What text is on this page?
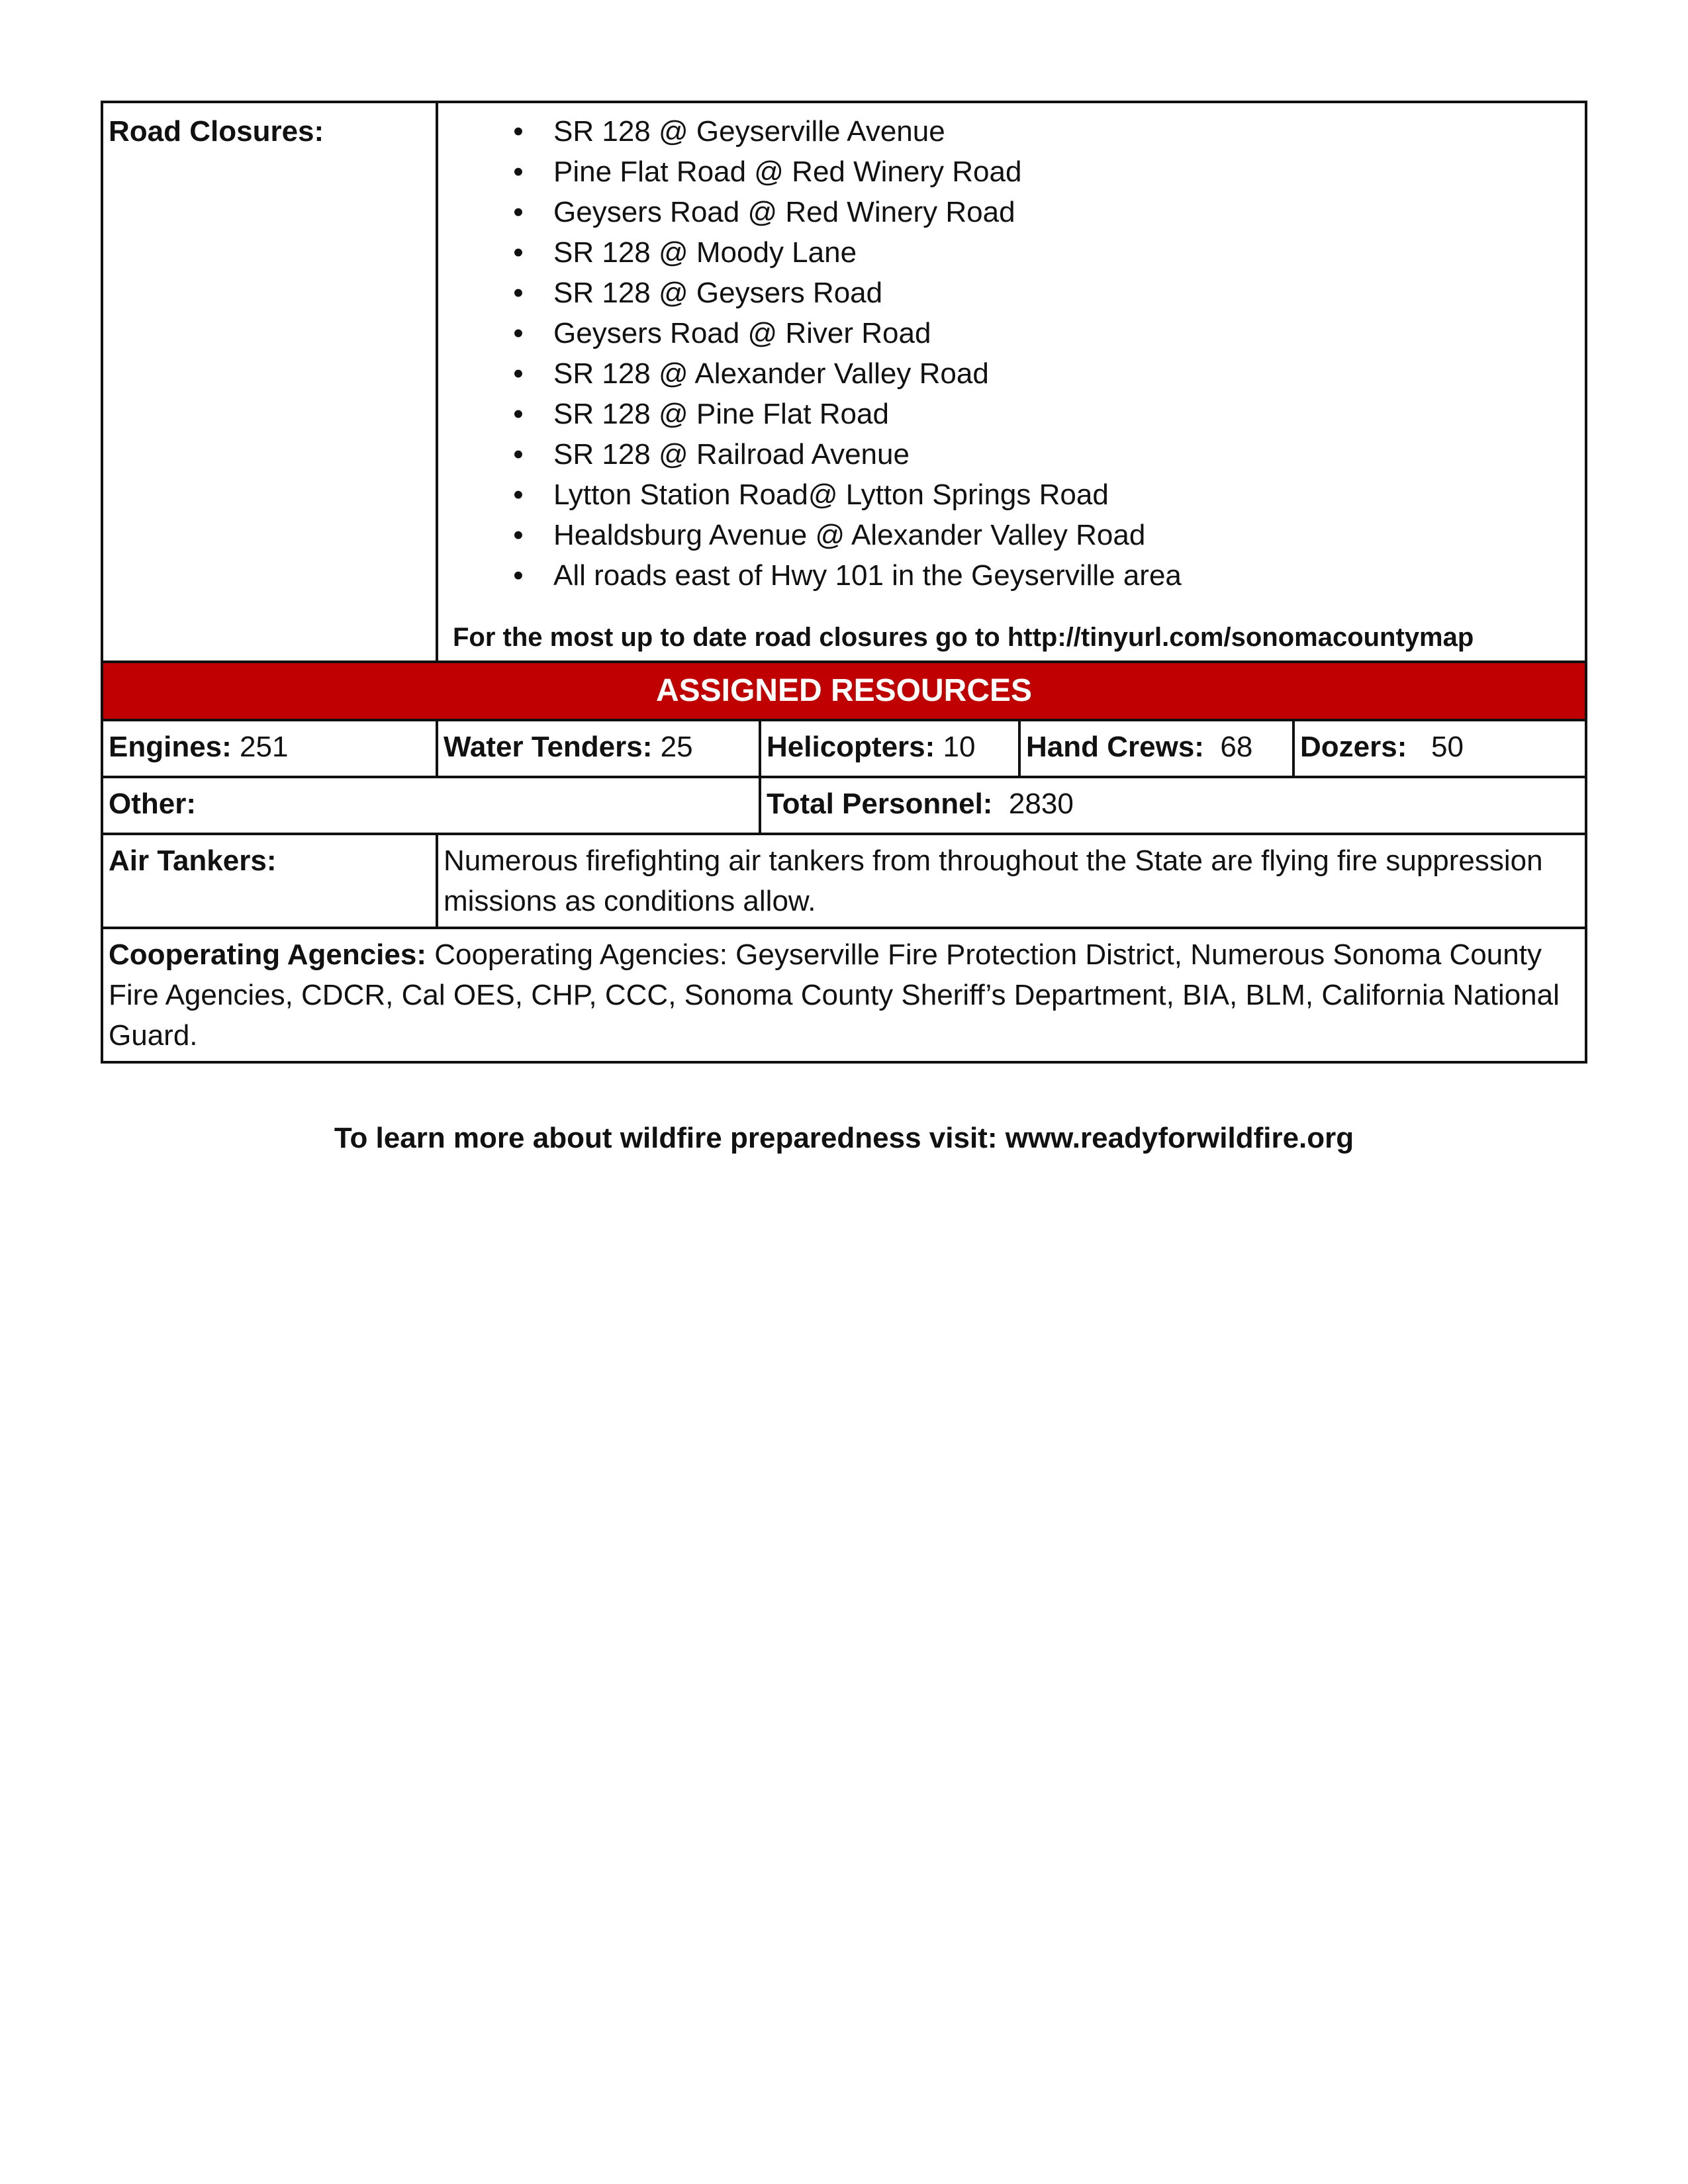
Road Closures:	• SR 128 @ Geyserville Avenue
• Pine Flat Road @ Red Winery Road
• Geysers Road @ Red Winery Road
• SR 128 @ Moody Lane
• SR 128 @ Geysers Road
• Geysers Road @ River Road
• SR 128 @ Alexander Valley Road
• SR 128 @ Pine Flat Road
• SR 128 @ Railroad Avenue
• Lytton Station Road@ Lytton Springs Road
• Healdsburg Avenue @ Alexander Valley Road
• All roads east of Hwy 101 in the Geyserville area
For the most up to date road closures go to http://tinyurl.com/sonomacountymap
ASSIGNED RESOURCES
Engines: 251	Water Tenders: 25	Helicopters: 10	Hand Crews:  68	Dozers:   50
Other:	Total Personnel:  2830
Air Tankers:	Numerous firefighting air tankers from throughout the State are flying fire suppression missions as conditions allow.
Cooperating Agencies: Cooperating Agencies: Geyserville Fire Protection District, Numerous Sonoma County Fire Agencies, CDCR, Cal OES, CHP, CCC, Sonoma County Sheriff’s Department, BIA, BLM, California National Guard.
To learn more about wildfire preparedness visit: www.readyforwildfire.org
